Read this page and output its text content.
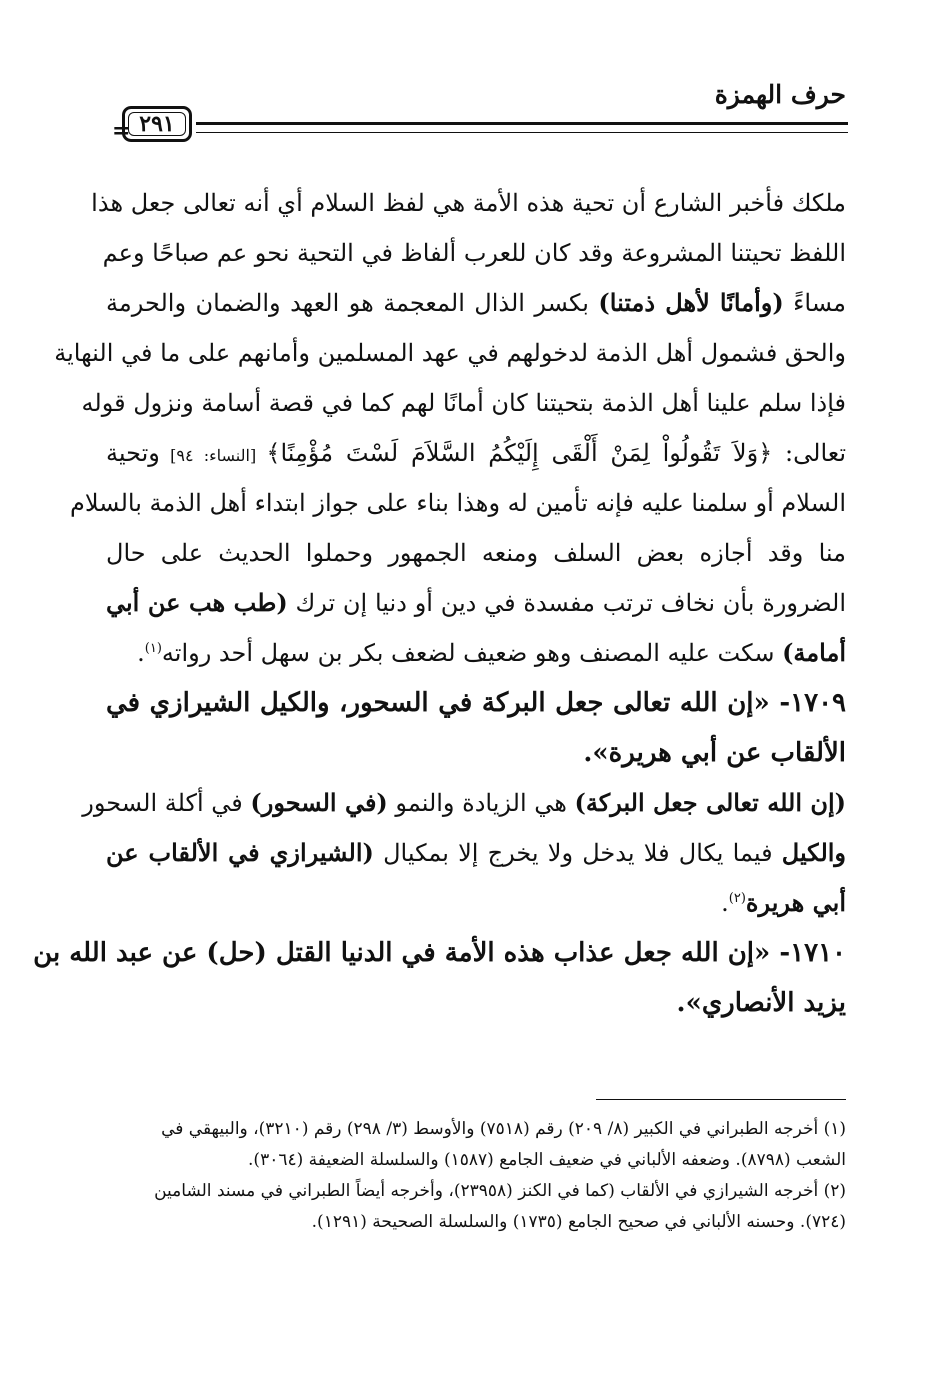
حرف الهمزة
= ٢٩١
ملكك فأخبر الشارع أن تحية هذه الأمة هي لفظ السلام أي أنه تعالى جعل هذا
اللفظ تحيتنا المشروعة وقد كان للعرب ألفاظ في التحية نحو عم صباحًا وعم
مساءً (وأمانًا لأهل ذمتنا) بكسر الذال المعجمة هو العهد والضمان والحرمة
والحق فشمول أهل الذمة لدخولهم في عهد المسلمين وأمانهم على ما في النهاية
فإذا سلم علينا أهل الذمة بتحيتنا كان أمانًا لهم كما في قصة أسامة ونزول قوله
تعالى: ﴿وَلاَ تَقُولُواْ لِمَنْ أَلْقَى إِلَيْكُمُ السَّلاَمَ لَسْتَ مُؤْمِنًا﴾ [النساء: ٩٤] وتحية
السلام أو سلمنا عليه فإنه تأمين له وهذا بناء على جواز ابتداء أهل الذمة بالسلام
منا وقد أجازه بعض السلف ومنعه الجمهور وحملوا الحديث على حال
الضرورة بأن نخاف ترتب مفسدة في دين أو دنيا إن ترك (طب هب عن أبي
أمامة) سكت عليه المصنف وهو ضعيف لضعف بكر بن سهل أحد رواته$^{(١)}$.
١٧٠٩- «إن الله تعالى جعل البركة في السحور، والكيل الشيرازي في
الألقاب عن أبي هريرة».
(إن الله تعالى جعل البركة) هي الزيادة والنمو (في السحور) في أكلة السحور
والكيل فيما يكال فلا يدخل ولا يخرج إلا بمكيال (الشيرازي في الألقاب عن
أبي هريرة$^{(٢)}$.
١٧١٠- «إن الله جعل عذاب هذه الأمة في الدنيا القتل (حل) عن عبد الله بن
يزيد الأنصاري».
(١) أخرجه الطبراني في الكبير (٨/ ٢٠٩) رقم (٧٥١٨) والأوسط (٣/ ٢٩٨) رقم (٣٢١٠)، والبيهقي في الشعب (٨٧٩٨). وضعفه الألباني في ضعيف الجامع (١٥٨٧) والسلسلة الضعيفة (٣٠٦٤).
(٢) أخرجه الشيرازي في الألقاب (كما في الكنز (٢٣٩٥٨)، وأخرجه أيضاً الطبراني في مسند الشامين (٧٢٤). وحسنه الألباني في صحيح الجامع (١٧٣٥) والسلسلة الصحيحة (١٢٩١).
